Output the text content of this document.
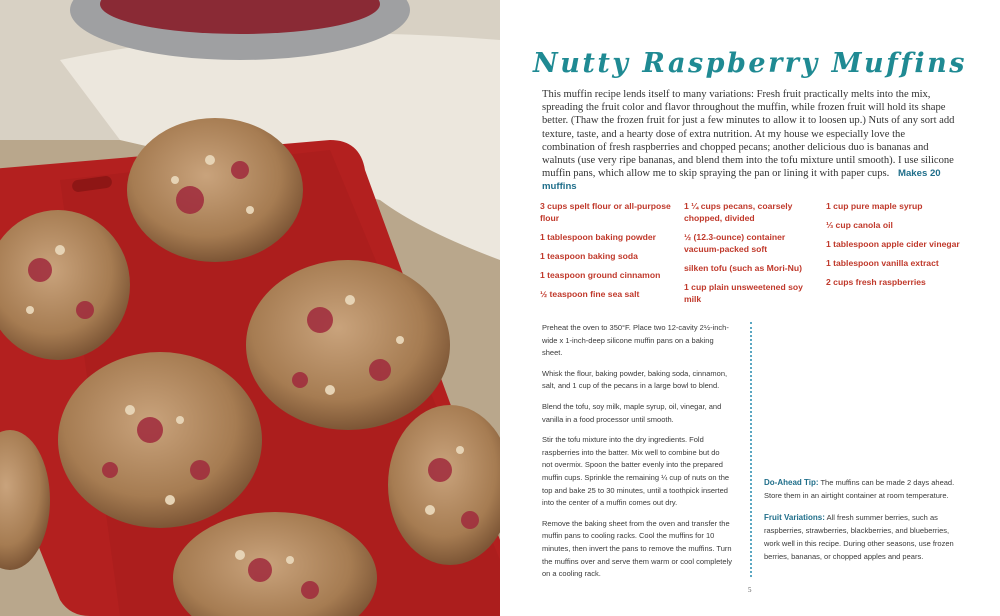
Nutty Raspberry Muffins
This muffin recipe lends itself to many variations: Fresh fruit practically melts into the mix, spreading the fruit color and flavor throughout the muffin, while frozen fruit will hold its shape better. (Thaw the frozen fruit for just a few minutes to allow it to loosen up.) Nuts of any sort add texture, taste, and a hearty dose of extra nutrition. At my house we especially love the combination of fresh raspberries and chopped pecans; another delicious duo is bananas and walnuts (use very ripe bananas, and blend them into the tofu mixture until smooth). I use silicone muffin pans, which allow me to skip spraying the pan or lining it with paper cups. Makes 20 muffins
3 cups spelt flour or all-purpose flour
1 tablespoon baking powder
1 teaspoon baking soda
1 teaspoon ground cinnamon
½ teaspoon fine sea salt
1 ¼ cups pecans, coarsely chopped, divided
½ (12.3-ounce) container vacuum-packed soft
silken tofu (such as Mori-Nu)
1 cup plain unsweetened soy milk
1 cup pure maple syrup
⅓ cup canola oil
1 tablespoon apple cider vinegar
1 tablespoon vanilla extract
2 cups fresh raspberries

Preheat the oven to 350°F. Place two 12-cavity 2½-inch-wide x 1-inch-deep silicone muffin pans on a baking sheet.

Whisk the flour, baking powder, baking soda, cinnamon, salt, and 1 cup of the pecans in a large bowl to blend.

Blend the tofu, soy milk, maple syrup, oil, vinegar, and vanilla in a food processor until smooth.

Stir the tofu mixture into the dry ingredients. Fold raspberries into the batter. Mix well to combine but do not overmix. Spoon the batter evenly into the prepared muffin cups. Sprinkle the remaining ¼ cup of nuts on the top and bake 25 to 30 minutes, until a toothpick inserted into the center of a muffin comes out dry.

Remove the baking sheet from the oven and transfer the muffin pans to cooling racks. Cool the muffins for 10 minutes, then invert the pans to remove the muffins. Turn the muffins over and serve them warm or cool completely on a cooling rack.

Do-Ahead Tip: The muffins can be made 2 days ahead. Store them in an airtight container at room temperature.

Fruit Variations: All fresh summer berries, such as raspberries, strawberries, blackberries, and blueberries, work well in this recipe. During other seasons, use frozen berries, bananas, or chopped apples and pears.

5
